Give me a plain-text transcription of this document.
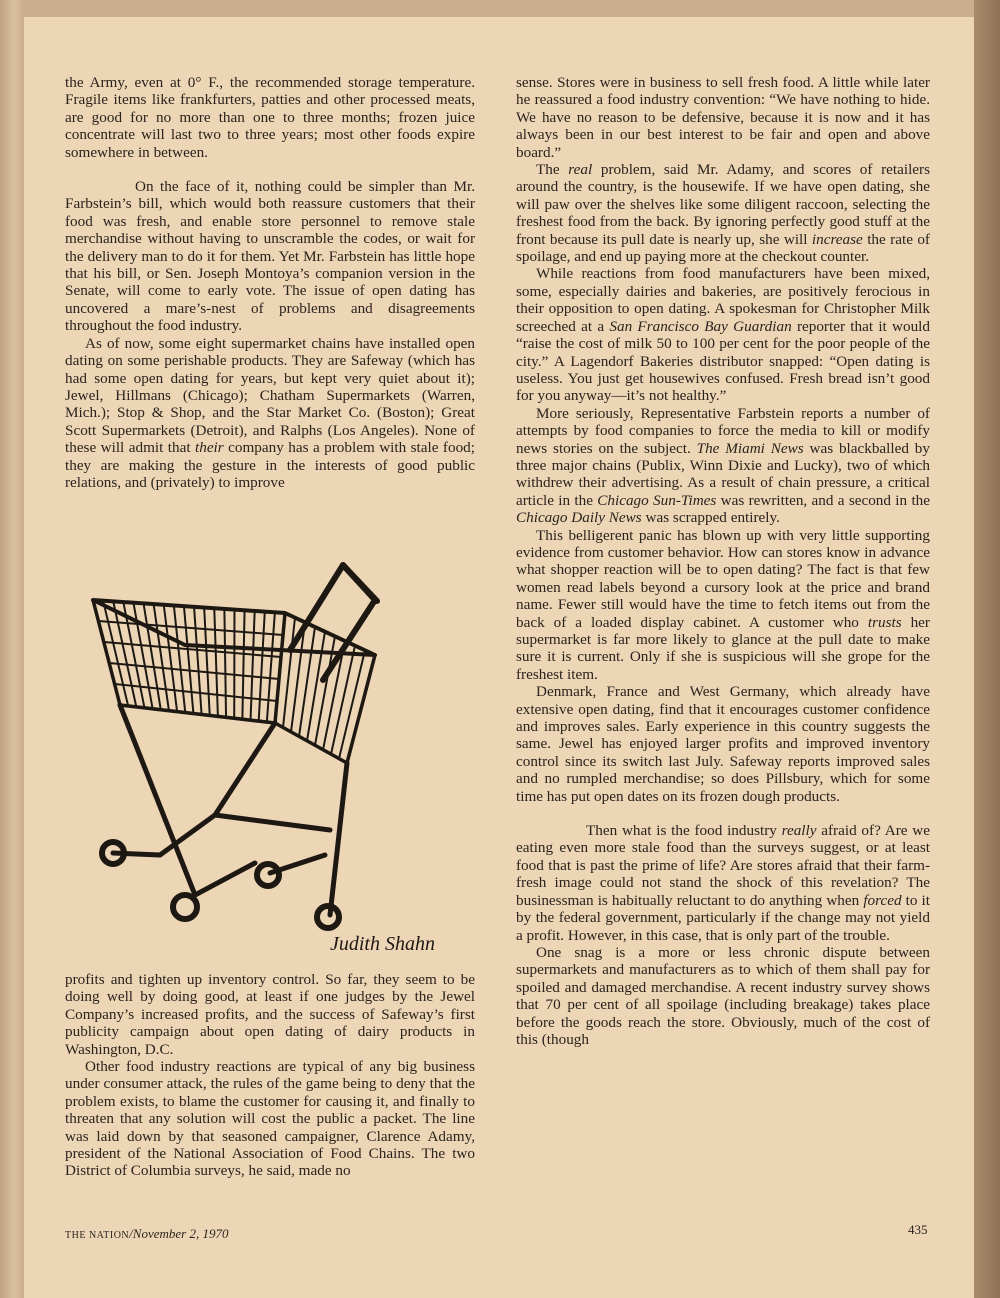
the Army, even at 0° F., the recommended storage temperature. Fragile items like frankfurters, patties and other processed meats, are good for no more than one to three months; frozen juice concentrate will last two to three years; most other foods expire somewhere in between.

On the face of it, nothing could be simpler than Mr. Farbstein’s bill, which would both reassure customers that their food was fresh, and enable store personnel to remove stale merchandise without having to unscramble the codes, or wait for the delivery man to do it for them. Yet Mr. Farbstein has little hope that his bill, or Sen. Joseph Montoya’s companion version in the Senate, will come to early vote. The issue of open dating has uncovered a mare’s-nest of problems and disagreements throughout the food industry.

As of now, some eight supermarket chains have installed open dating on some perishable products. They are Safeway (which has had some open dating for years, but kept very quiet about it); Jewel, Hillmans (Chicago); Chatham Supermarkets (Warren, Mich.); Stop & Shop, and the Star Market Co. (Boston); Great Scott Supermarkets (Detroit), and Ralphs (Los Angeles). None of these will admit that their company has a problem with stale food; they are making the gesture in the interests of good public relations, and (privately) to improve

Judith Shahn

profits and tighten up inventory control. So far, they seem to be doing well by doing good, at least if one judges by the Jewel Company’s increased profits, and the success of Safeway’s first publicity campaign about open dating of dairy products in Washington, D.C.

Other food industry reactions are typical of any big business under consumer attack, the rules of the game being to deny that the problem exists, to blame the customer for causing it, and finally to threaten that any solution will cost the public a packet. The line was laid down by that seasoned campaigner, Clarence Adamy, president of the National Association of Food Chains. The two District of Columbia surveys, he said, made no

sense. Stores were in business to sell fresh food. A little while later he reassured a food industry convention: “We have nothing to hide. We have no reason to be defensive, because it is now and it has always been in our best interest to be fair and open and above board.”

The real problem, said Mr. Adamy, and scores of retailers around the country, is the housewife. If we have open dating, she will paw over the shelves like some diligent raccoon, selecting the freshest food from the back. By ignoring perfectly good stuff at the front because its pull date is nearly up, she will increase the rate of spoilage, and end up paying more at the checkout counter.

While reactions from food manufacturers have been mixed, some, especially dairies and bakeries, are positively ferocious in their opposition to open dating. A spokesman for Christopher Milk screeched at a San Francisco Bay Guardian reporter that it would “raise the cost of milk 50 to 100 per cent for the poor people of the city.” A Lagendorf Bakeries distributor snapped: “Open dating is useless. You just get housewives confused. Fresh bread isn’t good for you anyway—it’s not healthy.”

More seriously, Representative Farbstein reports a number of attempts by food companies to force the media to kill or modify news stories on the subject. The Miami News was blackballed by three major chains (Publix, Winn Dixie and Lucky), two of which withdrew their advertising. As a result of chain pressure, a critical article in the Chicago Sun-Times was rewritten, and a second in the Chicago Daily News was scrapped entirely.

This belligerent panic has blown up with very little supporting evidence from customer behavior. How can stores know in advance what shopper reaction will be to open dating? The fact is that few women read labels beyond a cursory look at the price and brand name. Fewer still would have the time to fetch items out from the back of a loaded display cabinet. A customer who trusts her supermarket is far more likely to glance at the pull date to make sure it is current. Only if she is suspicious will she grope for the freshest item.

Denmark, France and West Germany, which already have extensive open dating, find that it encourages customer confidence and improves sales. Early experience in this country suggests the same. Jewel has enjoyed larger profits and improved inventory control since its switch last July. Safeway reports improved sales and no rumpled merchandise; so does Pillsbury, which for some time has put open dates on its frozen dough products.

Then what is the food industry really afraid of? Are we eating even more stale food than the surveys suggest, or at least food that is past the prime of life? Are stores afraid that their farm-fresh image could not stand the shock of this revelation? The businessman is habitually reluctant to do anything when forced to it by the federal government, particularly if the change may not yield a profit. However, in this case, that is only part of the trouble.

One snag is a more or less chronic dispute between supermarkets and manufacturers as to which of them shall pay for spoiled and damaged merchandise. A recent industry survey shows that 70 per cent of all spoilage (including breakage) takes place before the goods reach the store. Obviously, much of the cost of this (though

THE NATION/November 2, 1970	435
